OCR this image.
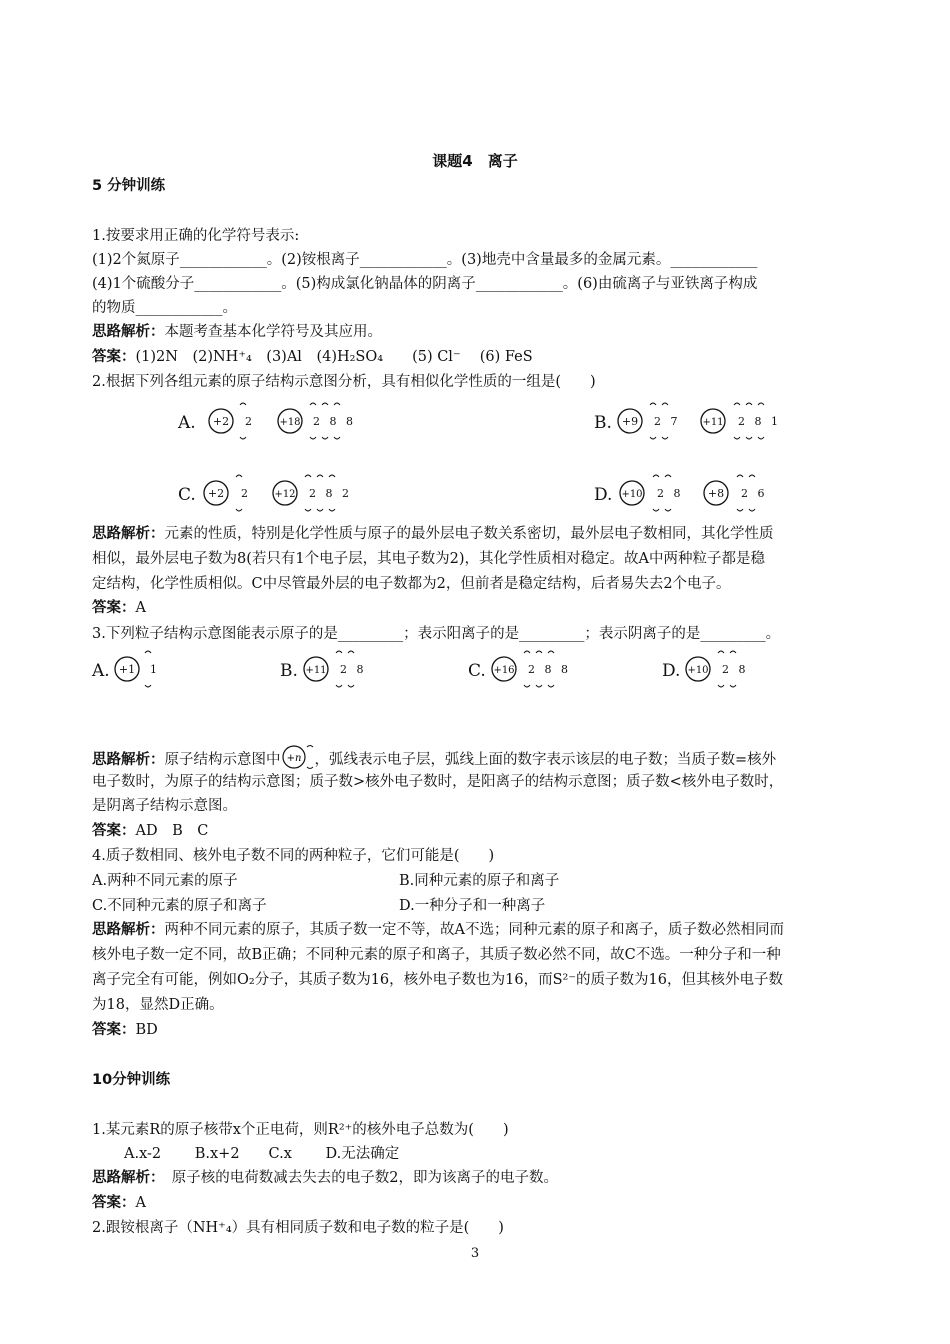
课题4　离子
5 分钟训练
1.按要求用正确的化学符号表示:
(1)2个氮原子____________。(2)铵根离子____________。(3)地壳中含量最多的金属元素。____________
(4)1个硫酸分子____________。(5)构成氯化钠晶体的阴离子____________。(6)由硫离子与亚铁离子构成
的物质____________。
思路解析：本题考查基本化学符号及其应用。
答案：(1)2N　(2)NH⁺₄　(3)Al　(4)H₂SO₄　　(5) Cl⁻　 (6) FeS
2.根据下列各组元素的原子结构示意图分析，具有相似化学性质的一组是(　　)
A. +2 2	+18 2 8 8	B. +9 2 7 +11 2 8 1
C. +2 2	+12 2 8 2	D. +10 2 8 +8 2 6
思路解析：元素的性质，特别是化学性质与原子的最外层电子数关系密切，最外层电子数相同，其化学性质
相似，最外层电子数为8(若只有1个电子层，其电子数为2)，其化学性质相对稳定。故A中两种粒子都是稳
定结构，化学性质相似。C中尽管最外层的电子数都为2，但前者是稳定结构，后者易失去2个电子。
答案：A
3.下列粒子结构示意图能表示原子的是_________；表示阳离子的是_________；表示阴离子的是_________。
A. +1 1	B. +11 2 8	C. +16 2 8 8	D. +10 2 8
思路解析：原子结构示意图中 +n ，弧线表示电子层，弧线上面的数字表示该层的电子数；当质子数=核外
电子数时，为原子的结构示意图；质子数>核外电子数时，是阳离子的结构示意图；质子数<核外电子数时，
是阴离子结构示意图。
答案：AD　B　C
4.质子数相同、核外电子数不同的两种粒子，它们可能是(　　)
A.两种不同元素的原子	B.同种元素的原子和离子
C.不同种元素的原子和离子	D.一种分子和一种离子
思路解析：两种不同元素的原子，其质子数一定不等，故A不选；同种元素的原子和离子，质子数必然相同而
核外电子数一定不同，故B正确；不同种元素的原子和离子，其质子数必然不同，故C不选。一种分子和一种
离子完全有可能，例如O₂分子，其质子数为16，核外电子数也为16，而S²⁻的质子数为16，但其核外电子数
为18，显然D正确。
答案：BD
10分钟训练
1.某元素R的原子核带x个正电荷，则R²⁺的核外电子总数为(　　)
A.x-2　　 B.x+2　　C.x　　 D.无法确定
思路解析：　原子核的电荷数减去失去的电子数2，即为该离子的电子数。
答案：A
2.跟铵根离子（NH⁺₄）具有相同质子数和电子数的粒子是(　　)
3
